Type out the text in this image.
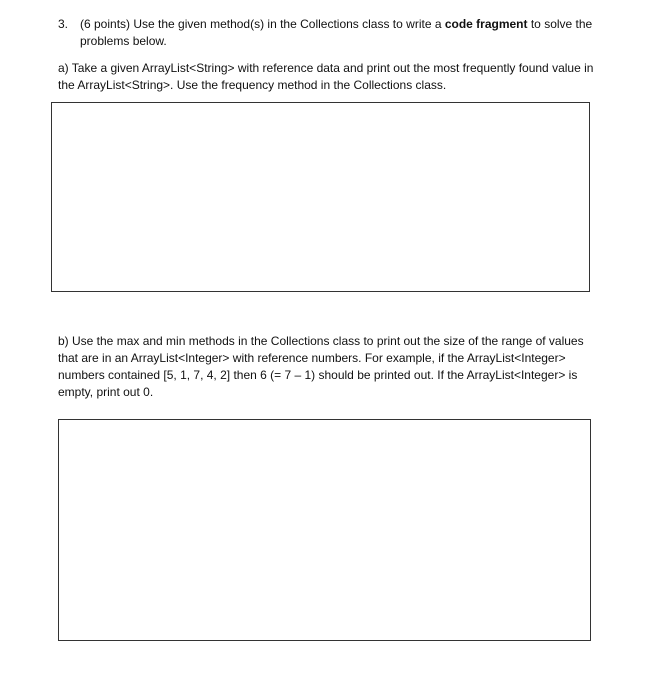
3. (6 points) Use the given method(s) in the Collections class to write a code fragment to solve the problems below.
a) Take a given ArrayList<String> with reference data and print out the most frequently found value in the ArrayList<String>. Use the frequency method in the Collections class.
b) Use the max and min methods in the Collections class to print out the size of the range of values that are in an ArrayList<Integer> with reference numbers. For example, if the ArrayList<Integer> numbers contained [5, 1, 7, 4, 2] then 6 (= 7 – 1) should be printed out. If the ArrayList<Integer> is empty, print out 0.
